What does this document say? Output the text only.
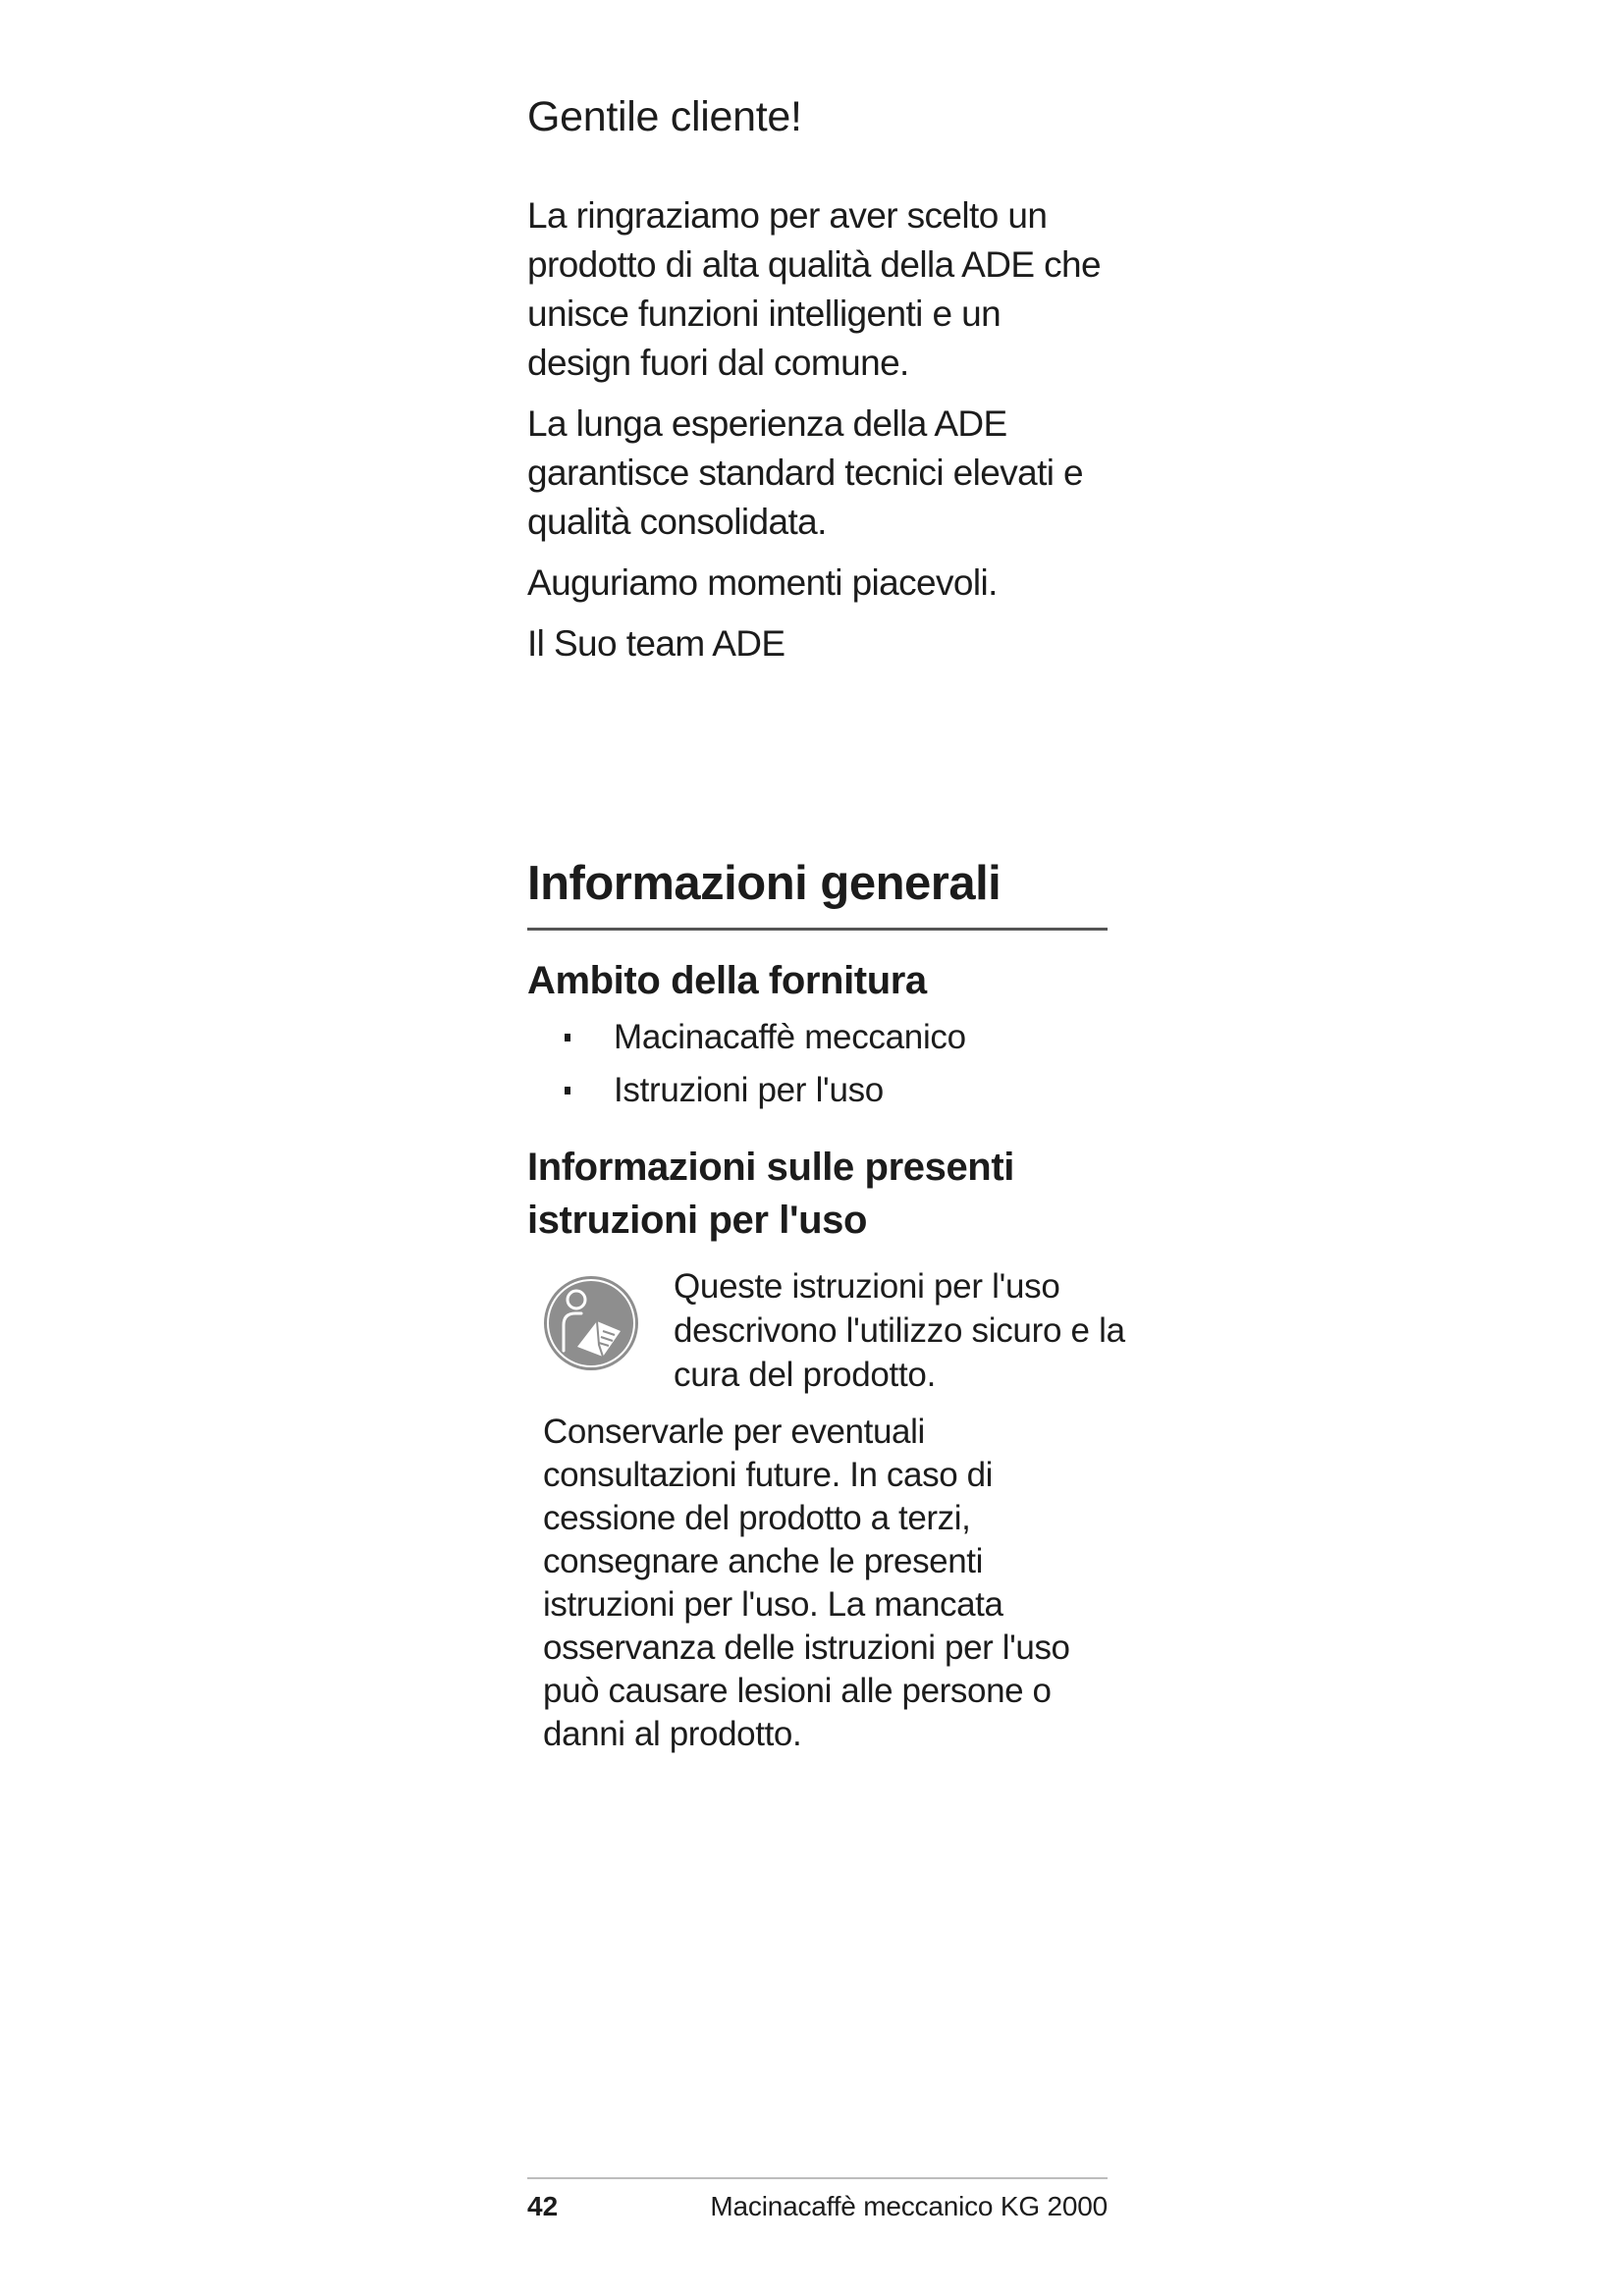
Gentile cliente!

La ringraziamo per aver scelto un prodotto di alta qualità della ADE che unisce funzioni intelligenti e un design fuori dal comune.

La lunga esperienza della ADE garantisce standard tecnici elevati e qualità consolidata.

Auguriamo momenti piacevoli.

Il Suo team ADE

Informazioni generali
Ambito della fornitura
Macinacaffè meccanico
Istruzioni per l'uso
Informazioni sulle presenti istruzioni per l'uso

Queste istruzioni per l'uso descrivono l'utilizzo sicuro e la cura del prodotto.

Conservarle per eventuali consultazioni future. In caso di cessione del prodotto a terzi, consegnare anche le presenti istruzioni per l'uso. La mancata osservanza delle istruzioni per l'uso può causare lesioni alle persone o danni al prodotto.

42	Macinacaffè meccanico KG 2000
